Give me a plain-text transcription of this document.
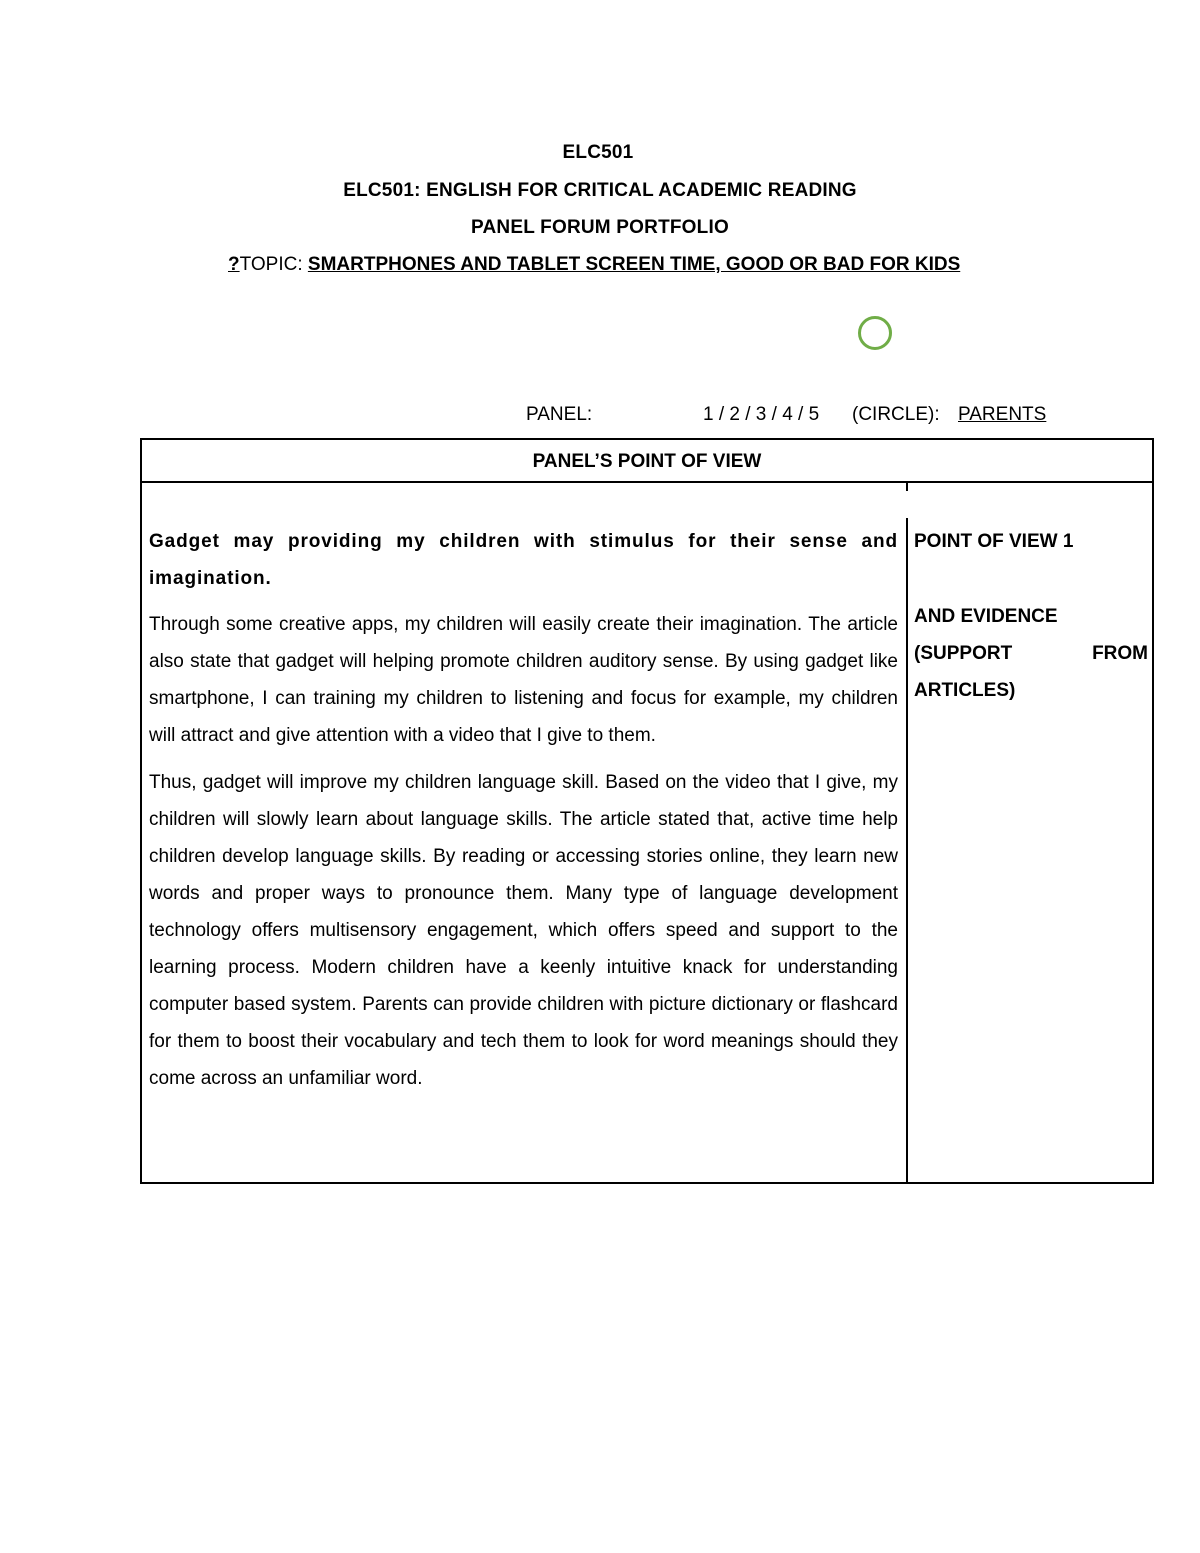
ELC501
ELC501: ENGLISH FOR CRITICAL ACADEMIC READING
PANEL FORUM PORTFOLIO
?TOPIC: SMARTPHONES AND TABLET SCREEN TIME, GOOD OR BAD FOR KIDS
PANEL:	1 / 2 / 3 / 4 / 5 (CIRCLE): PARENTS
PANEL’S POINT OF VIEW

Gadget may providing my children with stimulus for their sense and imagination.

Through some creative apps, my children will easily create their imagination. The article also state that gadget will helping promote children auditory sense. By using gadget like smartphone, I can training my children to listening and focus for example, my children will attract and give attention with a video that I give to them.

Thus, gadget will improve my children language skill. Based on the video that I give, my children will slowly learn about language skills. The article stated that, active time help children develop language skills. By reading or accessing stories online, they learn new words and proper ways to pronounce them. Many type of language development technology offers multisensory engagement, which offers speed and support to the learning process. Modern children have a keenly intuitive knack for understanding computer based system. Parents can provide children with picture dictionary or flashcard for them to boost their vocabulary and tech them to look for word meanings should they come across an unfamiliar word.

POINT OF VIEW 1

AND EVIDENCE

(SUPPORT	FROM

ARTICLES)
